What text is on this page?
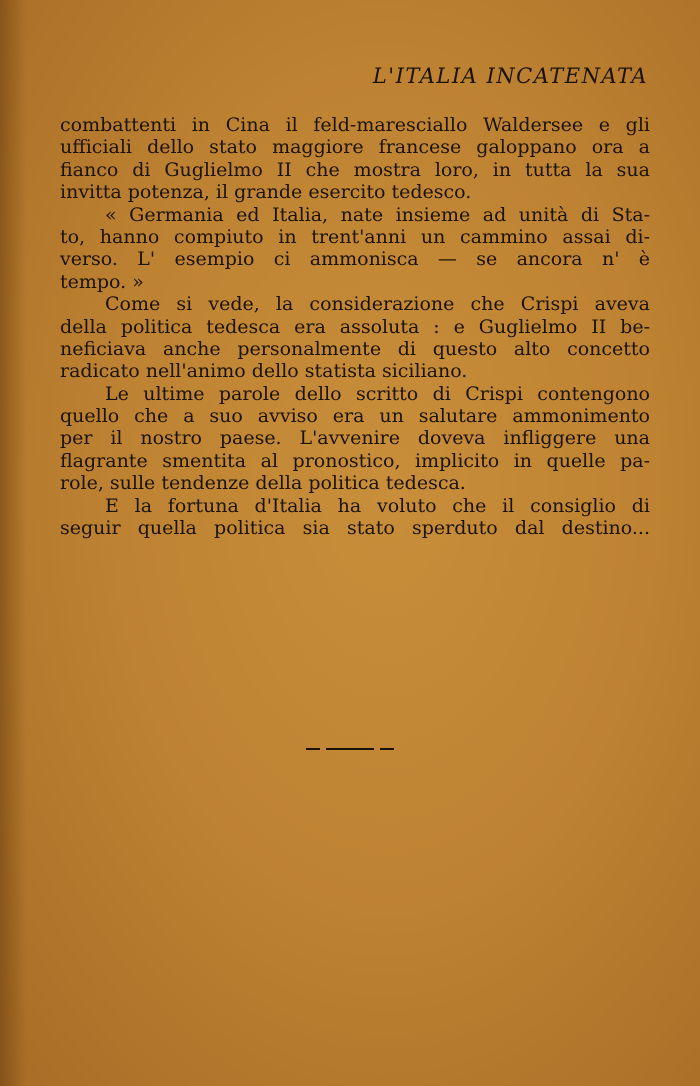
L'ITALIA INCATENATA
combattenti in Cina il feld-maresciallo Waldersee e gli
ufficiali dello stato maggiore francese galoppano ora a
fianco di Guglielmo II che mostra loro, in tutta la sua
invitta potenza, il grande esercito tedesco.
« Germania ed Italia, nate insieme ad unità di Sta-
to, hanno compiuto in trent'anni un cammino assai di-
verso. L' esempio ci ammonisca — se ancora n' è
tempo. »
Come si vede, la considerazione che Crispi aveva
della politica tedesca era assoluta : e Guglielmo II be-
neficiava anche personalmente di questo alto concetto
radicato nell'animo dello statista siciliano.
Le ultime parole dello scritto di Crispi contengono
quello che a suo avviso era un salutare ammonimento
per il nostro paese. L'avvenire doveva infliggere una
flagrante smentita al pronostico, implicito in quelle pa-
role, sulle tendenze della politica tedesca.
E la fortuna d'Italia ha voluto che il consiglio di
seguir quella politica sia stato sperduto dal destino...
